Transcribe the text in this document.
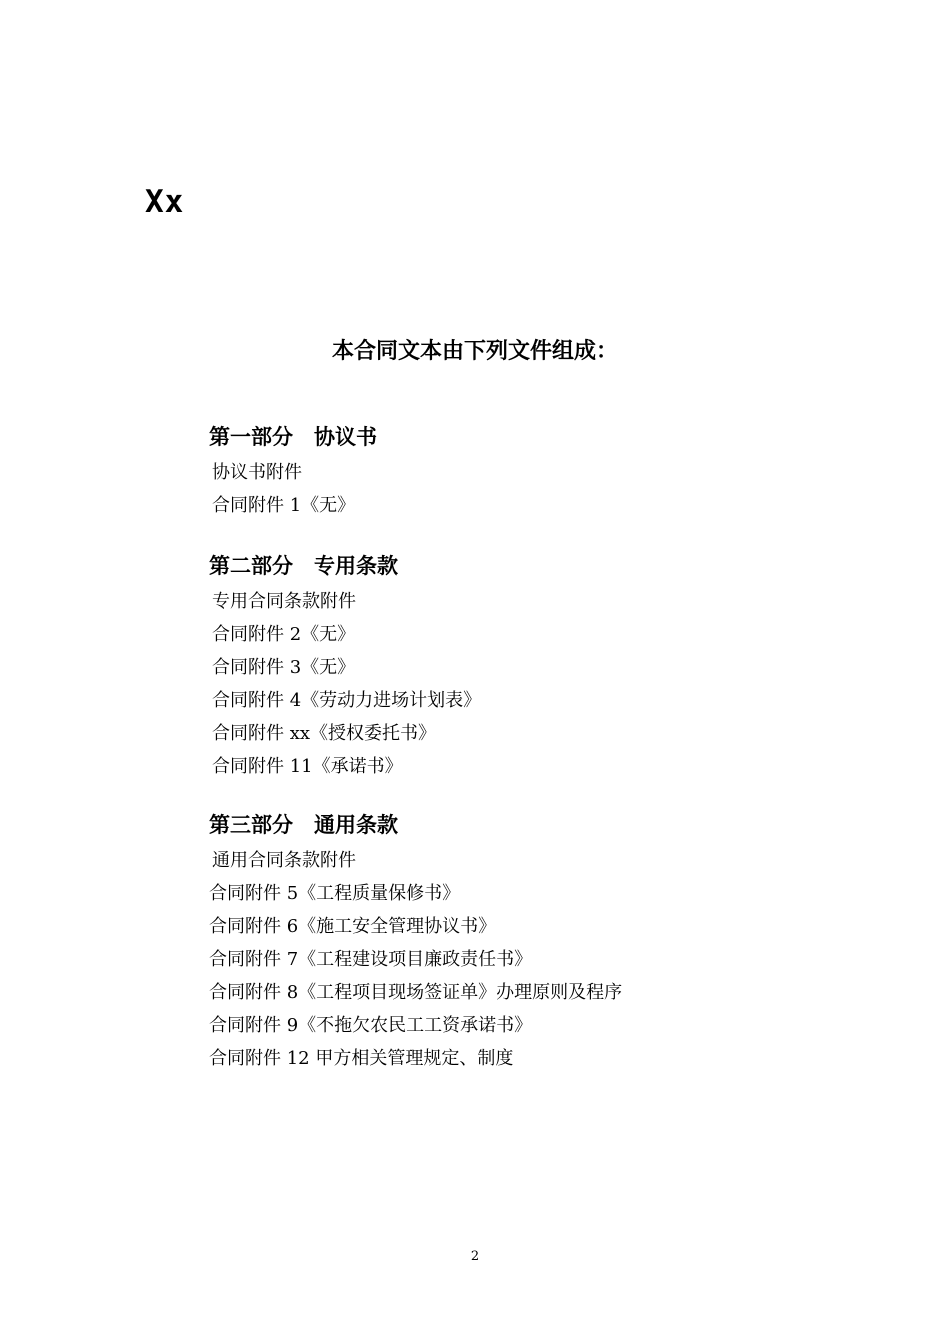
Xx
本合同文本由下列文件组成：
第一部分　协议书
协议书附件
合同附件 1《无》
第二部分　专用条款
专用合同条款附件
合同附件 2《无》
合同附件 3《无》
合同附件 4《劳动力进场计划表》
合同附件 xx《授权委托书》
合同附件 11《承诺书》
第三部分　通用条款
通用合同条款附件
合同附件 5《工程质量保修书》
合同附件 6《施工安全管理协议书》
合同附件 7《工程建设项目廉政责任书》
合同附件 8《工程项目现场签证单》办理原则及程序
合同附件 9《不拖欠农民工工资承诺书》
合同附件 12 甲方相关管理规定、制度
2
